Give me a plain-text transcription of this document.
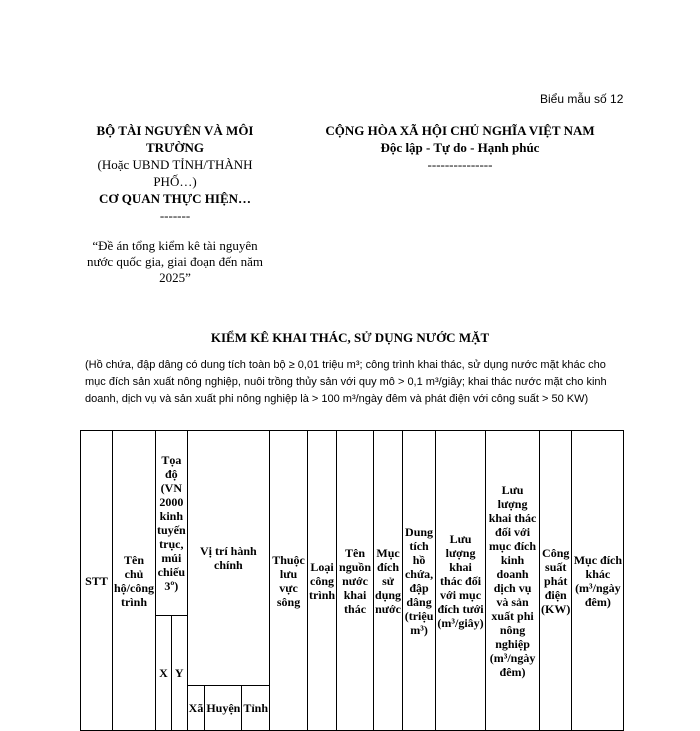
Biểu mẫu số 12
BỘ TÀI NGUYÊN VÀ MÔI TRƯỜNG
(Hoặc UBND TỈNH/THÀNH PHỐ…)
CƠ QUAN THỰC HIỆN…
-------
CỘNG HÒA XÃ HỘI CHỦ NGHĨA VIỆT NAM
Độc lập - Tự do - Hạnh phúc
---------------
“Đề án tổng kiểm kê tài nguyên nước quốc gia, giai đoạn đến năm 2025”
KIỂM KÊ KHAI THÁC, SỬ DỤNG NƯỚC MẶT
(Hồ chứa, đập dâng có dung tích toàn bộ ≥ 0,01 triệu m³; công trình khai thác, sử dụng nước mặt khác cho mục đích sản xuất nông nghiệp, nuôi trồng thủy sản với quy mô > 0,1 m³/giây; khai thác nước mặt cho kinh doanh, dịch vụ và sản xuất phi nông nghiệp là > 100 m³/ngày đêm và phát điện với công suất > 50 KW)
STT	Tên chủ hộ/công trình	Tọa độ (VN 2000 kinh tuyến trục, múi chiếu 3º)		Vị trí hành chính			Thuộc lưu vực sông	Loại công trình	Tên nguồn nước khai thác	Mục đích sử dụng nước	Dung tích hồ chứa, đập dâng (triệu m³)	Lưu lượng khai thác đối với mục đích tưới (m³/giây)	Lưu lượng khai thác đối với mục đích kinh doanh dịch vụ và sản xuất phi nông nghiệp (m³/ngày đêm)	Công suất phát điện (KW)	Mục đích khác (m³/ngày đêm)
		X	Y												
				Xã	Huyện	Tỉnh									
